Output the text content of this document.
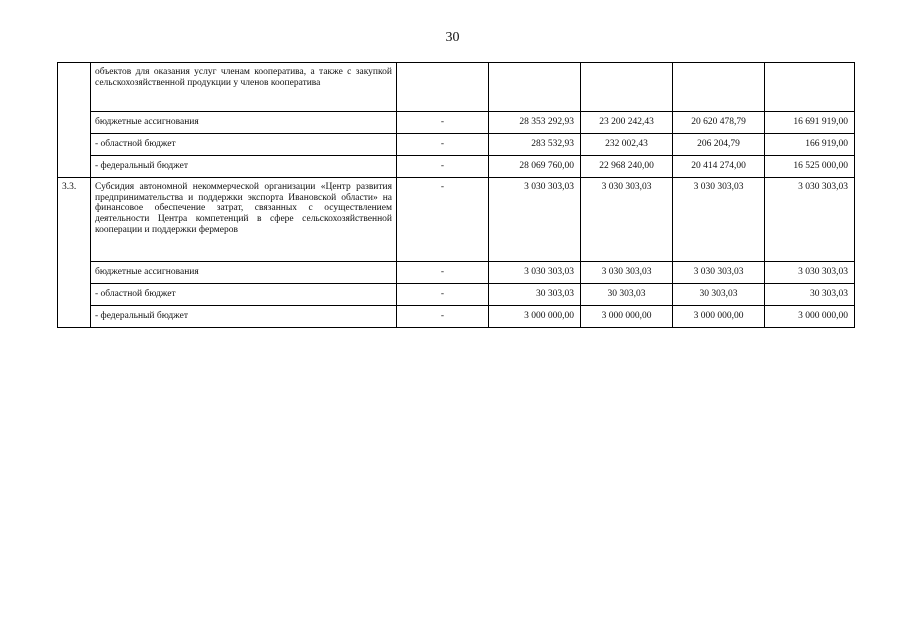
30
	объектов для оказания услуг членам кооператива, а также с закупкой сельскохозяйственной продукции у членов кооператива					
	бюджетные ассигнования	-	28 353 292,93	23 200 242,43	20 620 478,79	16 691 919,00
	- областной бюджет	-	283 532,93	232 002,43	206 204,79	166 919,00
	- федеральный бюджет	-	28 069 760,00	22 968 240,00	20 414 274,00	16 525 000,00
3.3.	Субсидия автономной некоммерческой организации «Центр развития предпринимательства и поддержки экспорта Ивановской области» на финансовое обеспечение затрат, связанных с осуществлением деятельности Центра компетенций в сфере сельскохозяйственной кооперации и поддержки фермеров	-	3 030 303,03	3 030 303,03	3 030 303,03	3 030 303,03
	бюджетные ассигнования	-	3 030 303,03	3 030 303,03	3 030 303,03	3 030 303,03
	- областной бюджет	-	30 303,03	30 303,03	30 303,03	30 303,03
	- федеральный бюджет	-	3 000 000,00	3 000 000,00	3 000 000,00	3 000 000,00
